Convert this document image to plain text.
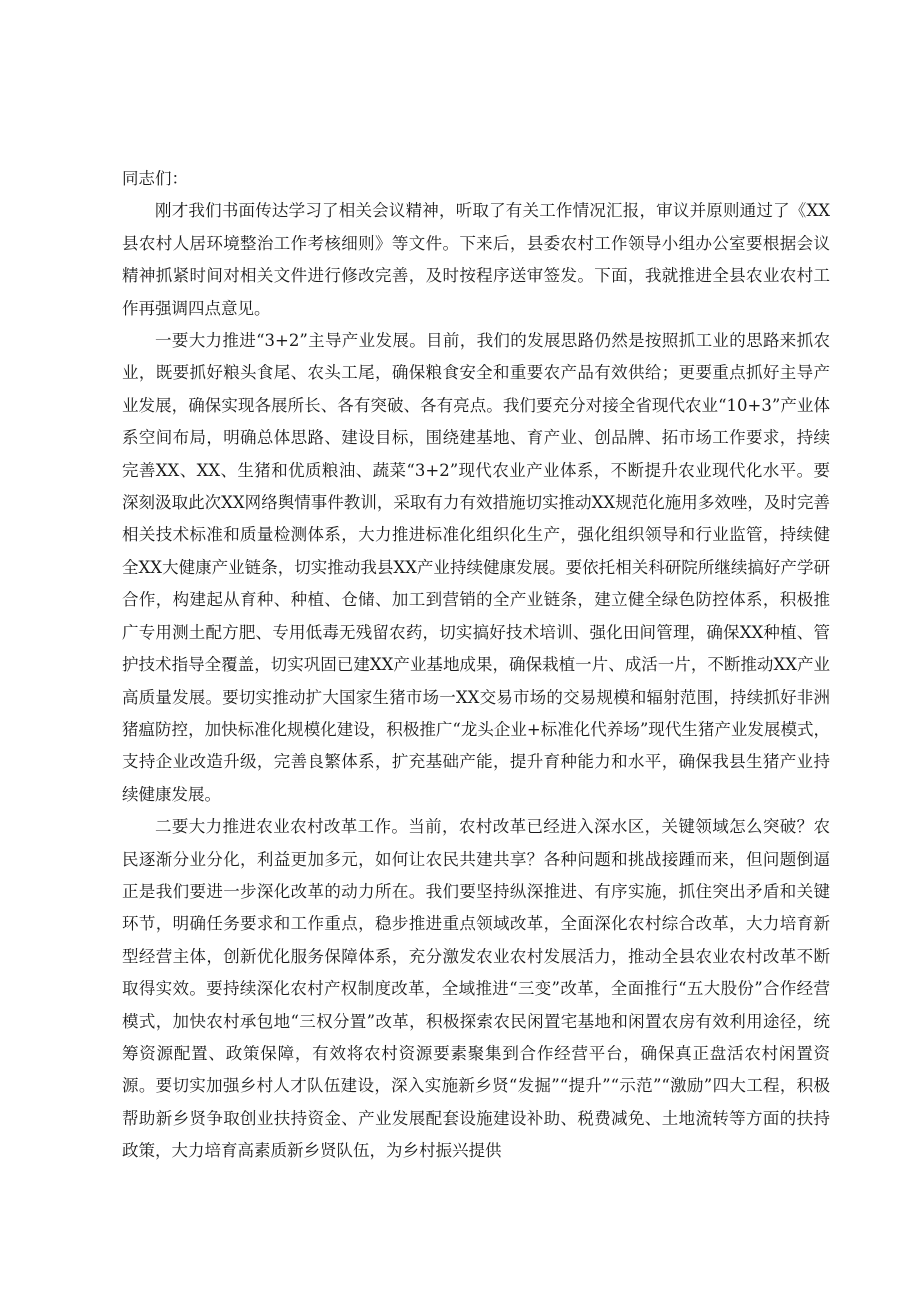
同志们：

刚才我们书面传达学习了相关会议精神，听取了有关工作情况汇报，审议并原则通过了《XX县农村人居环境整治工作考核细则》等文件。下来后，县委农村工作领导小组办公室要根据会议精神抓紧时间对相关文件进行修改完善，及时按程序送审签发。下面，我就推进全县农业农村工作再强调四点意见。

一要大力推进“3+2”主导产业发展。目前，我们的发展思路仍然是按照抓工业的思路来抓农业，既要抓好粮头食尾、农头工尾，确保粮食安全和重要农产品有效供给；更要重点抓好主导产业发展，确保实现各展所长、各有突破、各有亮点。我们要充分对接全省现代农业“10+3”产业体系空间布局，明确总体思路、建设目标，围绕建基地、育产业、创品牌、拓市场工作要求，持续完善XX、XX、生猪和优质粮油、蔬菜“3+2”现代农业产业体系，不断提升农业现代化水平。要深刻汲取此次XX网络舆情事件教训，采取有力有效措施切实推动XX规范化施用多效唑，及时完善相关技术标准和质量检测体系，大力推进标准化组织化生产，强化组织领导和行业监管，持续健全XX大健康产业链条，切实推动我县XX产业持续健康发展。要依托相关科研院所继续搞好产学研合作，构建起从育种、种植、仓储、加工到营销的全产业链条，建立健全绿色防控体系，积极推广专用测土配方肥、专用低毒无残留农药，切实搞好技术培训、强化田间管理，确保XX种植、管护技术指导全覆盖，切实巩固已建XX产业基地成果，确保栽植一片、成活一片，不断推动XX产业高质量发展。要切实推动扩大国家生猪市场一XX交易市场的交易规模和辐射范围，持续抓好非洲猪瘟防控，加快标准化规模化建设，积极推广“龙头企业+标准化代养场”现代生猪产业发展模式，支持企业改造升级，完善良繁体系，扩充基础产能，提升育种能力和水平，确保我县生猪产业持续健康发展。

二要大力推进农业农村改革工作。当前，农村改革已经进入深水区，关键领域怎么突破？农民逐渐分业分化，利益更加多元，如何让农民共建共享？各种问题和挑战接踵而来，但问题倒逼正是我们要进一步深化改革的动力所在。我们要坚持纵深推进、有序实施，抓住突出矛盾和关键环节，明确任务要求和工作重点，稳步推进重点领域改革，全面深化农村综合改革，大力培育新型经营主体，创新优化服务保障体系，充分激发农业农村发展活力，推动全县农业农村改革不断取得实效。要持续深化农村产权制度改革，全域推进“三变”改革，全面推行“五大股份”合作经营模式，加快农村承包地“三权分置”改革，积极探索农民闲置宅基地和闲置农房有效利用途径，统筹资源配置、政策保障，有效将农村资源要素聚集到合作经营平台，确保真正盘活农村闲置资源。要切实加强乡村人才队伍建设，深入实施新乡贤“发掘”“提升”“示范”“激励”四大工程，积极帮助新乡贤争取创业扶持资金、产业发展配套设施建设补助、税费减免、土地流转等方面的扶持政策，大力培育高素质新乡贤队伍，为乡村振兴提供
